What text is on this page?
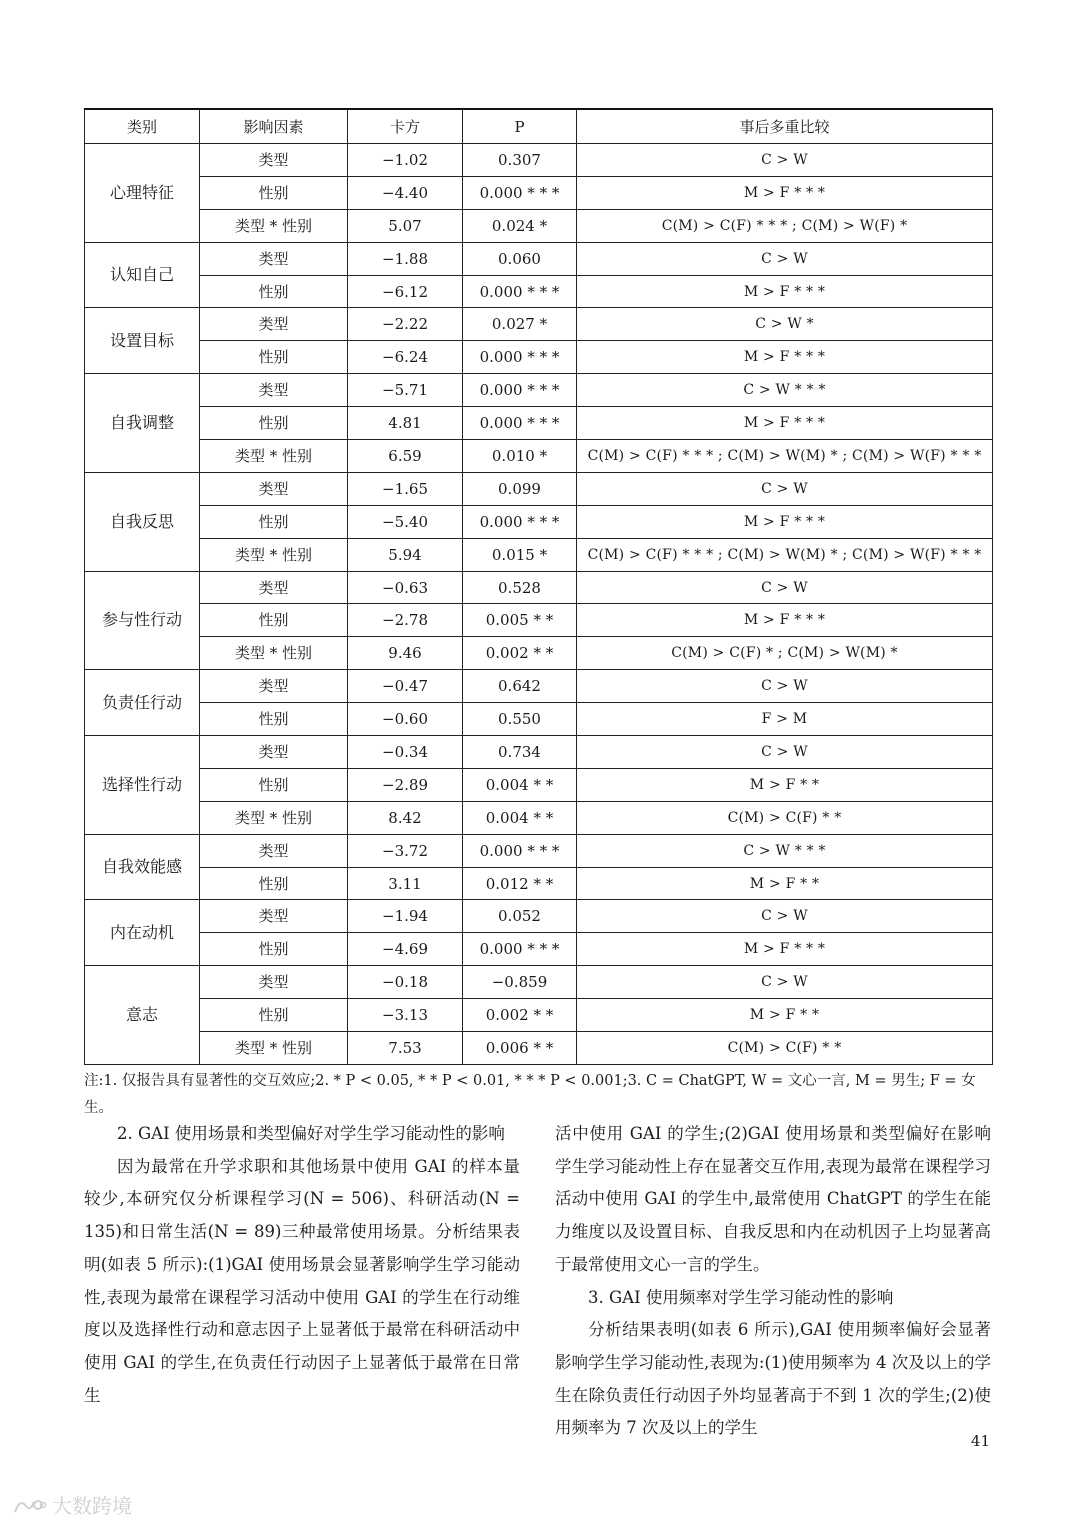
类别	影响因素	卡方	P	事后多重比较
心理特征	类型	−1.02	0.307	C > W
	性别	−4.40	0.000 * * *	M > F * * *
	类型 * 性别	5.07	0.024 *	C(M) > C(F) * * * ; C(M) > W(F) *
认知自己	类型	−1.88	0.060	C > W
	性别	−6.12	0.000 * * *	M > F * * *
设置目标	类型	−2.22	0.027 *	C > W *
	性别	−6.24	0.000 * * *	M > F * * *
自我调整	类型	−5.71	0.000 * * *	C > W * * *
	性别	4.81	0.000 * * *	M > F * * *
	类型 * 性别	6.59	0.010 *	C(M) > C(F) * * * ; C(M) > W(M) * ; C(M) > W(F) * * *
自我反思	类型	−1.65	0.099	C > W
	性别	−5.40	0.000 * * *	M > F * * *
	类型 * 性别	5.94	0.015 *	C(M) > C(F) * * * ; C(M) > W(M) * ; C(M) > W(F) * * *
参与性行动	类型	−0.63	0.528	C > W
	性别	−2.78	0.005 * *	M > F * * *
	类型 * 性别	9.46	0.002 * *	C(M) > C(F) * ; C(M) > W(M) *
负责任行动	类型	−0.47	0.642	C > W
	性别	−0.60	0.550	F > M
选择性行动	类型	−0.34	0.734	C > W
	性别	−2.89	0.004 * *	M > F * *
	类型 * 性别	8.42	0.004 * *	C(M) > C(F) * *
自我效能感	类型	−3.72	0.000 * * *	C > W * * *
	性别	3.11	0.012 * *	M > F * *
内在动机	类型	−1.94	0.052	C > W
	性别	−4.69	0.000 * * *	M > F * * *
意志	类型	−0.18	−0.859	C > W
	性别	−3.13	0.002 * *	M > F * *
	类型 * 性别	7.53	0.006 * *	C(M) > C(F) * *
注:1. 仅报告具有显著性的交互效应;2. * P < 0.05, * * P < 0.01, * * * P < 0.001;3. C = ChatGPT, W = 文心一言, M = 男生; F = 女生。

2. GAI 使用场景和类型偏好对学生学习能动性的影响

因为最常在升学求职和其他场景中使用 GAI 的样本量较少,本研究仅分析课程学习(N = 506)、科研活动(N = 135)和日常生活(N = 89)三种最常使用场景。分析结果表明(如表 5 所示):(1)GAI 使用场景会显著影响学生学习能动性,表现为最常在课程学习活动中使用 GAI 的学生在行动维度以及选择性行动和意志因子上显著低于最常在科研活动中使用 GAI 的学生,在负责任行动因子上显著低于最常在日常生

活中使用 GAI 的学生;(2)GAI 使用场景和类型偏好在影响学生学习能动性上存在显著交互作用,表现为最常在课程学习活动中使用 GAI 的学生中,最常使用 ChatGPT 的学生在能力维度以及设置目标、自我反思和内在动机因子上均显著高于最常使用文心一言的学生。

3. GAI 使用频率对学生学习能动性的影响

分析结果表明(如表 6 所示),GAI 使用频率偏好会显著影响学生学习能动性,表现为:(1)使用频率为 4 次及以上的学生在除负责任行动因子外均显著高于不到 1 次的学生;(2)使用频率为 7 次及以上的学生

41
大数跨境
